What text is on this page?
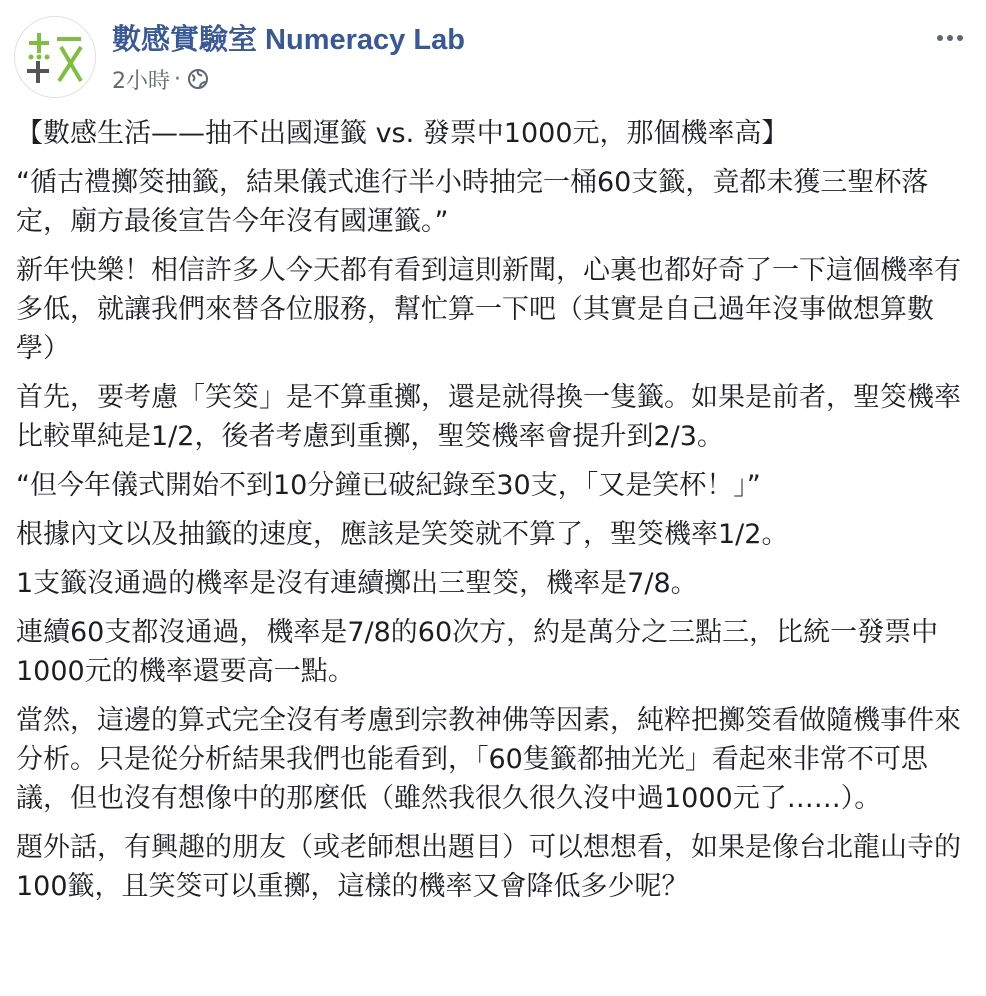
數感實驗室 Numeracy Lab
2小時 ·

【數感生活——抽不出國運籤 vs. 發票中1000元，那個機率高】

“循古禮擲筊抽籤，結果儀式進行半小時抽完一桶60支籤，竟都未獲三聖杯落定，廟方最後宣告今年沒有國運籤。”

新年快樂！相信許多人今天都有看到這則新聞，心裏也都好奇了一下這個機率有多低，就讓我們來替各位服務，幫忙算一下吧（其實是自己過年沒事做想算數學）

首先，要考慮「笑筊」是不算重擲，還是就得換一隻籤。如果是前者，聖筊機率比較單純是1/2，後者考慮到重擲，聖筊機率會提升到2/3。

“但今年儀式開始不到10分鐘已破紀錄至30支，「又是笑杯！」”

根據內文以及抽籤的速度，應該是笑筊就不算了，聖筊機率1/2。

1支籤沒通過的機率是沒有連續擲出三聖筊，機率是7/8。

連續60支都沒通過，機率是7/8的60次方，約是萬分之三點三，比統一發票中1000元的機率還要高一點。

當然，這邊的算式完全沒有考慮到宗教神佛等因素，純粹把擲筊看做隨機事件來分析。只是從分析結果我們也能看到，「60隻籤都抽光光」看起來非常不可思議，但也沒有想像中的那麼低（雖然我很久很久沒中過1000元了……）。

題外話，有興趣的朋友（或老師想出題目）可以想想看，如果是像台北龍山寺的100籤，且笑筊可以重擲，這樣的機率又會降低多少呢？
